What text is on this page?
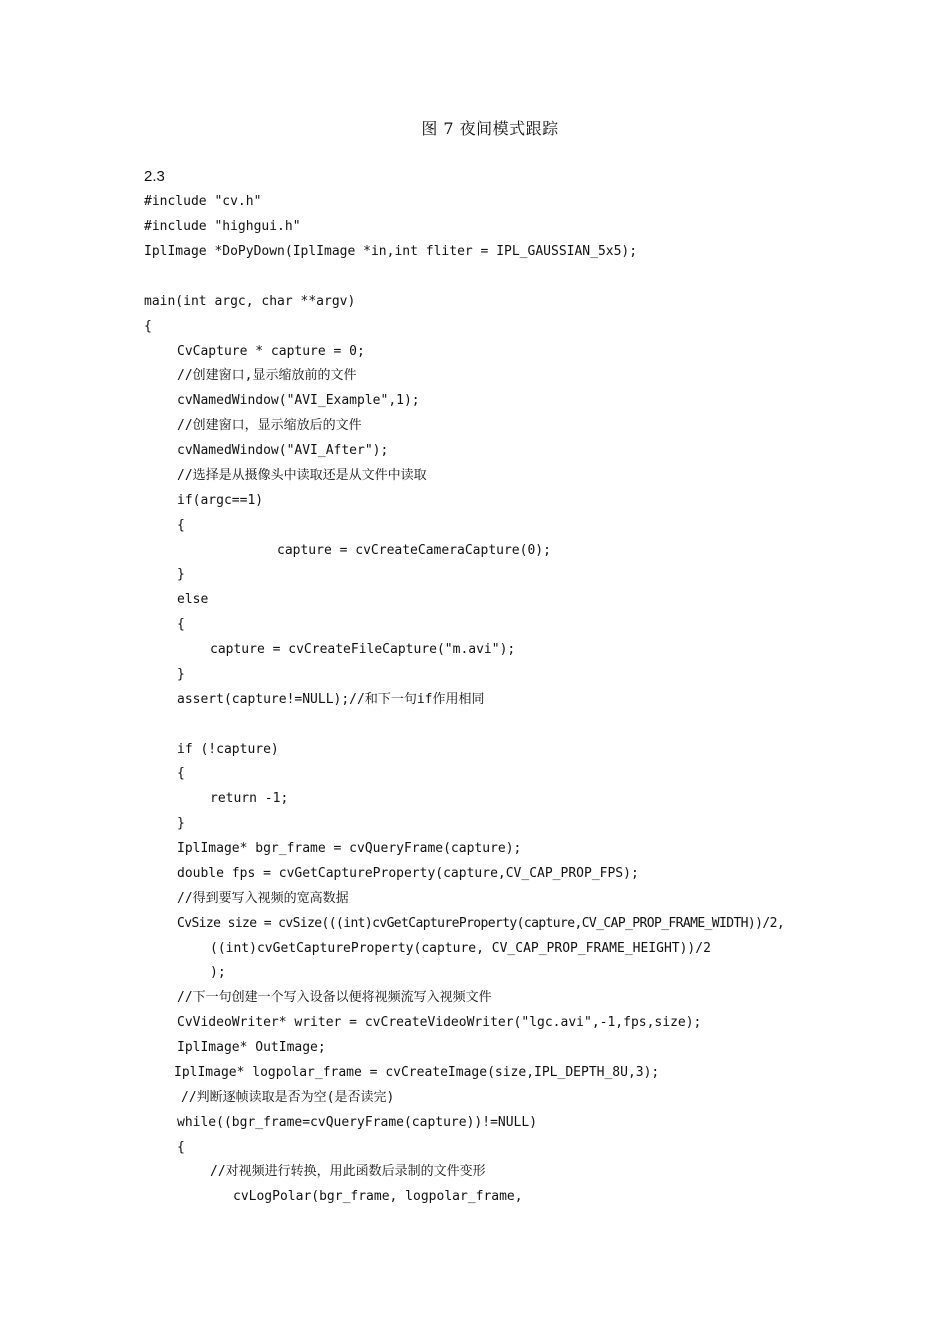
图 7 夜间模式跟踪
2.3
#include "cv.h"
#include "highgui.h"
IplImage *DoPyDown(IplImage *in,int fliter = IPL_GAUSSIAN_5x5);
main(int argc, char **argv)
{
CvCapture * capture = 0;
//创建窗口,显示缩放前的文件
cvNamedWindow("AVI_Example",1);
//创建窗口，显示缩放后的文件
cvNamedWindow("AVI_After");
//选择是从摄像头中读取还是从文件中读取
if(argc==1)
{
capture = cvCreateCameraCapture(0);
}
else
{
capture = cvCreateFileCapture("m.avi");
}
assert(capture!=NULL);//和下一句if作用相同
if (!capture)
{
return -1;
}
IplImage* bgr_frame = cvQueryFrame(capture);
double fps = cvGetCaptureProperty(capture,CV_CAP_PROP_FPS);
//得到要写入视频的宽高数据
CvSize size = cvSize(((int)cvGetCaptureProperty(capture,CV_CAP_PROP_FRAME_WIDTH))/2,
((int)cvGetCaptureProperty(capture, CV_CAP_PROP_FRAME_HEIGHT))/2
);
//下一句创建一个写入设备以便将视频流写入视频文件
CvVideoWriter* writer = cvCreateVideoWriter("lgc.avi",-1,fps,size);
IplImage* OutImage;
IplImage* logpolar_frame = cvCreateImage(size,IPL_DEPTH_8U,3);
//判断逐帧读取是否为空(是否读完)
while((bgr_frame=cvQueryFrame(capture))!=NULL)
{
//对视频进行转换，用此函数后录制的文件变形
cvLogPolar(bgr_frame, logpolar_frame,
